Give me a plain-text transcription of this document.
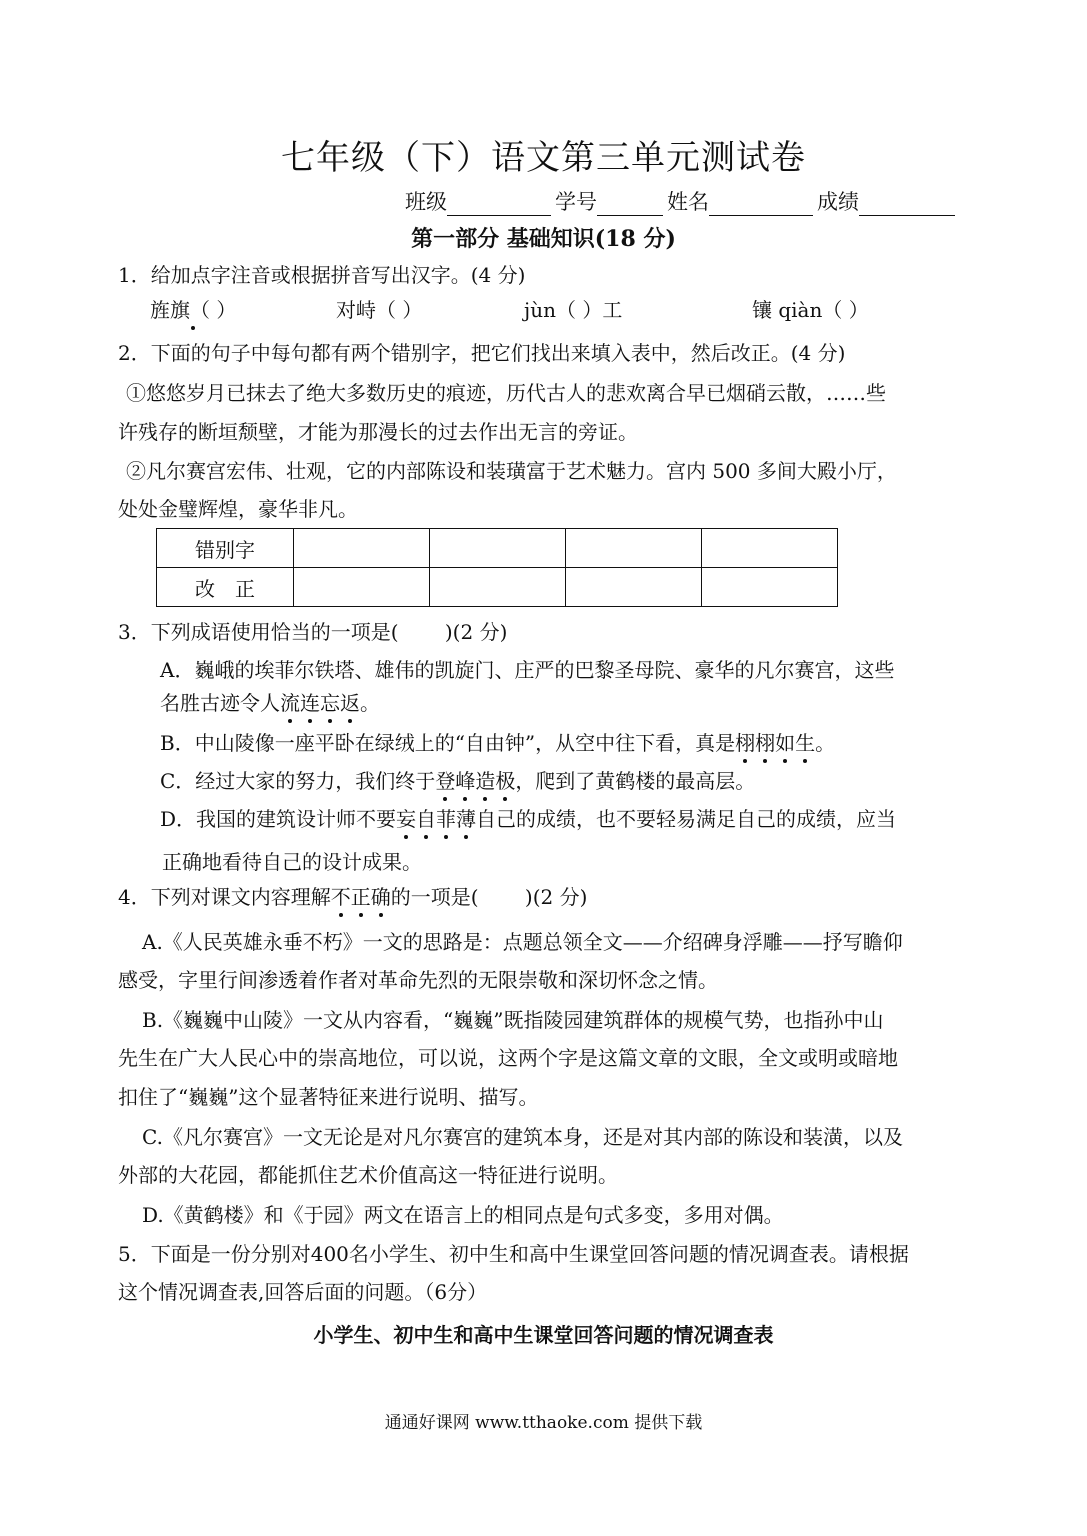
七年级（下）语文第三单元测试卷
班级	学号	姓名	成绩
第一部分 基础知识(18 分)
1．给加点字注音或根据拼音写出汉字。(4 分)
旌旗（ ）	对峙（ ）	jùn（ ）工	镶 qiàn（ ）
2．下面的句子中每句都有两个错别字，把它们找出来填入表中，然后改正。(4 分)
①悠悠岁月已抹去了绝大多数历史的痕迹，历代古人的悲欢离合早已烟硝云散，……些
许残存的断垣颓壁，才能为那漫长的过去作出无言的旁证。
②凡尔赛宫宏伟、壮观，它的内部陈设和装璜富于艺术魅力。宫内 500 多间大殿小厅，
处处金璧辉煌，豪华非凡。
错别字				
改　正				
3．下列成语使用恰当的一项是(　　 )(2 分)
A．巍峨的埃菲尔铁塔、雄伟的凯旋门、庄严的巴黎圣母院、豪华的凡尔赛宫，这些
名胜古迹令人流连忘返。
B．中山陵像一座平卧在绿绒上的“自由钟”，从空中往下看，真是栩栩如生。
C．经过大家的努力，我们终于登峰造极，爬到了黄鹤楼的最高层。
D．我国的建筑设计师不要妄自菲薄自己的成绩，也不要轻易满足自己的成绩，应当
正确地看待自己的设计成果。
4．下列对课文内容理解不正确的一项是(　　 )(2 分)
A.《人民英雄永垂不朽》一文的思路是：点题总领全文——介绍碑身浮雕——抒写瞻仰
感受，字里行间渗透着作者对革命先烈的无限崇敬和深切怀念之情。
B.《巍巍中山陵》一文从内容看，“巍巍”既指陵园建筑群体的规模气势，也指孙中山
先生在广大人民心中的崇高地位，可以说，这两个字是这篇文章的文眼，全文或明或暗地
扣住了“巍巍”这个显著特征来进行说明、描写。
C.《凡尔赛宫》一文无论是对凡尔赛宫的建筑本身，还是对其内部的陈设和装潢，以及
外部的大花园，都能抓住艺术价值高这一特征进行说明。
D.《黄鹤楼》和《于园》两文在语言上的相同点是句式多变，多用对偶。
5．下面是一份分别对400名小学生、初中生和高中生课堂回答问题的情况调查表。请根据
这个情况调查表,回答后面的问题。（6分）
小学生、初中生和高中生课堂回答问题的情况调查表
通通好课网 www.tthaoke.com 提供下载
